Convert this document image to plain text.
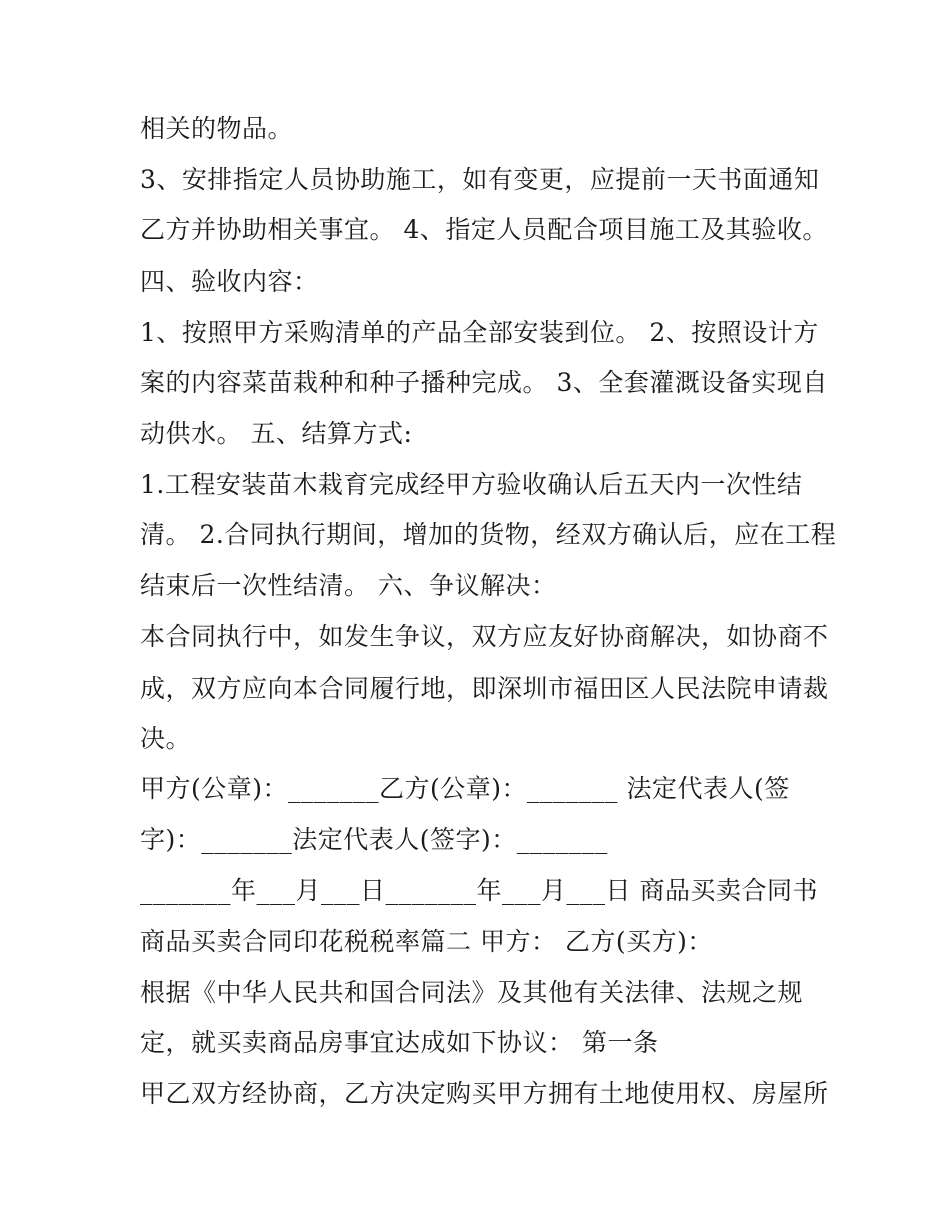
相关的物品。
3、安排指定人员协助施工，如有变更，应提前一天书面通知
乙方并协助相关事宜。 4、指定人员配合项目施工及其验收。
四、验收内容：
1、按照甲方采购清单的产品全部安装到位。 2、按照设计方
案的内容菜苗栽种和种子播种完成。 3、全套灌溉设备实现自
动供水。 五、结算方式:
1.工程安装苗木栽育完成经甲方验收确认后五天内一次性结
清。 2.合同执行期间，增加的货物，经双方确认后，应在工程
结束后一次性结清。 六、争议解决：
本合同执行中，如发生争议，双方应友好协商解决，如协商不
成，双方应向本合同履行地，即深圳市福田区人民法院申请裁
决。
甲方(公章)：_______乙方(公章)：_______ 法定代表人(签
字)：_______法定代表人(签字)：_______
_______年___月___日_______年___月___日 商品买卖合同书
商品买卖合同印花税税率篇二 甲方： 乙方(买方)：
根据《中华人民共和国合同法》及其他有关法律、法规之规
定，就买卖商品房事宜达成如下协议： 第一条
甲乙双方经协商，乙方决定购买甲方拥有土地使用权、房屋所
